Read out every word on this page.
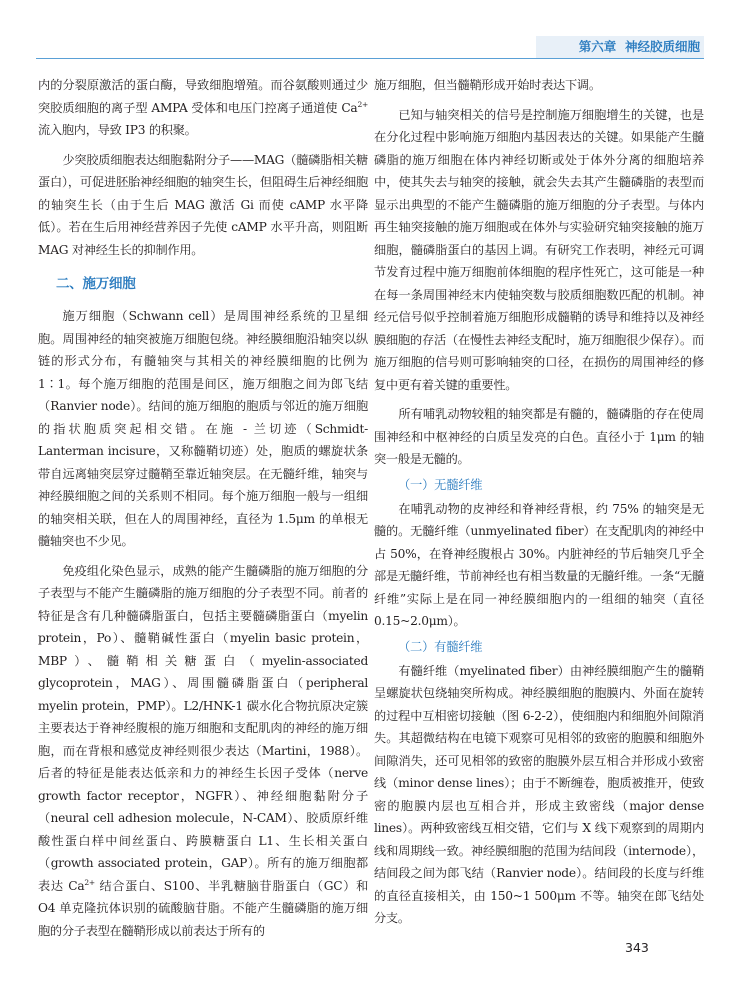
第六章 神经胶质细胞

内的分裂原激活的蛋白酶，导致细胞增殖。而谷氨酸则通过少突胶质细胞的离子型 AMPA 受体和电压门控离子通道使 $Ca^{2+}$ 流入胞内，导致 IP3 的积聚。

少突胶质细胞表达细胞黏附分子——MAG（髓磷脂相关糖蛋白），可促进胚胎神经细胞的轴突生长，但阻碍生后神经细胞的轴突生长（由于生后 MAG 激活 Gi 而使 cAMP 水平降低）。若在生后用神经营养因子先使 cAMP 水平升高，则阻断 MAG 对神经生长的抑制作用。

二、施万细胞

施万细胞（Schwann cell）是周围神经系统的卫星细胞。周围神经的轴突被施万细胞包绕。神经膜细胞沿轴突以纵链的形式分布，有髓轴突与其相关的神经膜细胞的比例为 1∶1。每个施万细胞的范围是间区，施万细胞之间为郎飞结（Ranvier node）。结间的施万细胞的胞质与邻近的施万细胞的指状胞质突起相交错。在施 - 兰切迹（Schmidt-Lanterman incisure，又称髓鞘切迹）处，胞质的螺旋状条带自远离轴突层穿过髓鞘至靠近轴突层。在无髓纤维，轴突与神经膜细胞之间的关系则不相同。每个施万细胞一般与一组细的轴突相关联，但在人的周围神经，直径为 1.5μm 的单根无髓轴突也不少见。

免疫组化染色显示，成熟的能产生髓磷脂的施万细胞的分子表型与不能产生髓磷脂的施万细胞的分子表型不同。前者的特征是含有几种髓磷脂蛋白，包括主要髓磷脂蛋白（myelin protein，Po）、髓鞘碱性蛋白（myelin basic protein，MBP）、髓鞘相关糖蛋白（myelin-associated glycoprotein，MAG）、周围髓磷脂蛋白（peripheral myelin protein，PMP）。L2/HNK-1 碳水化合物抗原决定簇主要表达于脊神经腹根的施万细胞和支配肌肉的神经的施万细胞，而在背根和感觉皮神经则很少表达（Martini，1988）。后者的特征是能表达低亲和力的神经生长因子受体（nerve growth factor receptor，NGFR）、神经细胞黏附分子（neural cell adhesion molecule，N-CAM）、胶质原纤维酸性蛋白样中间丝蛋白、跨膜糖蛋白 L1、生长相关蛋白（growth associated protein，GAP）。所有的施万细胞都表达 $Ca^{2+}$ 结合蛋白、S100、半乳糖脑苷脂蛋白（GC）和 O4 单克隆抗体识别的硫酸脑苷脂。不能产生髓磷脂的施万细胞的分子表型在髓鞘形成以前表达于所有的

施万细胞，但当髓鞘形成开始时表达下调。

已知与轴突相关的信号是控制施万细胞增生的关键，也是在分化过程中影响施万细胞内基因表达的关键。如果能产生髓磷脂的施万细胞在体内神经切断或处于体外分离的细胞培养中，使其失去与轴突的接触，就会失去其产生髓磷脂的表型而显示出典型的不能产生髓磷脂的施万细胞的分子表型。与体内再生轴突接触的施万细胞或在体外与实验研究轴突接触的施万细胞，髓磷脂蛋白的基因上调。有研究工作表明，神经元可调节发育过程中施万细胞前体细胞的程序性死亡，这可能是一种在每一条周围神经末内使轴突数与胶质细胞数匹配的机制。神经元信号似乎控制着施万细胞形成髓鞘的诱导和维持以及神经膜细胞的存活（在慢性去神经支配时，施万细胞很少保存）。而施万细胞的信号则可影响轴突的口径，在损伤的周围神经的修复中更有着关键的重要性。

所有哺乳动物较粗的轴突都是有髓的，髓磷脂的存在使周围神经和中枢神经的白质呈发亮的白色。直径小于 1μm 的轴突一般是无髓的。

（一）无髓纤维

在哺乳动物的皮神经和脊神经背根，约 75% 的轴突是无髓的。无髓纤维（unmyelinated fiber）在支配肌肉的神经中占 50%，在脊神经腹根占 30%。内脏神经的节后轴突几乎全部是无髓纤维，节前神经也有相当数量的无髓纤维。一条“无髓纤维”实际上是在同一神经膜细胞内的一组细的轴突（直径 0.15~2.0μm）。

（二）有髓纤维

有髓纤维（myelinated fiber）由神经膜细胞产生的髓鞘呈螺旋状包绕轴突所构成。神经膜细胞的胞膜内、外面在旋转的过程中互相密切接触（图 6-2-2），使细胞内和细胞外间隙消失。其超微结构在电镜下观察可见相邻的致密的胞膜和细胞外间隙消失，还可见相邻的致密的胞膜外层互相合并形成小致密线（minor dense lines）；由于不断缠卷，胞质被推开，使致密的胞膜内层也互相合并，形成主致密线（major dense lines）。两种致密线互相交错，它们与 X 线下观察到的周期内线和周期线一致。神经膜细胞的范围为结间段（internode），结间段之间为郎飞结（Ranvier node）。结间段的长度与纤维的直径直接相关，由 150~1 500μm 不等。轴突在郎飞结处分支。

343
